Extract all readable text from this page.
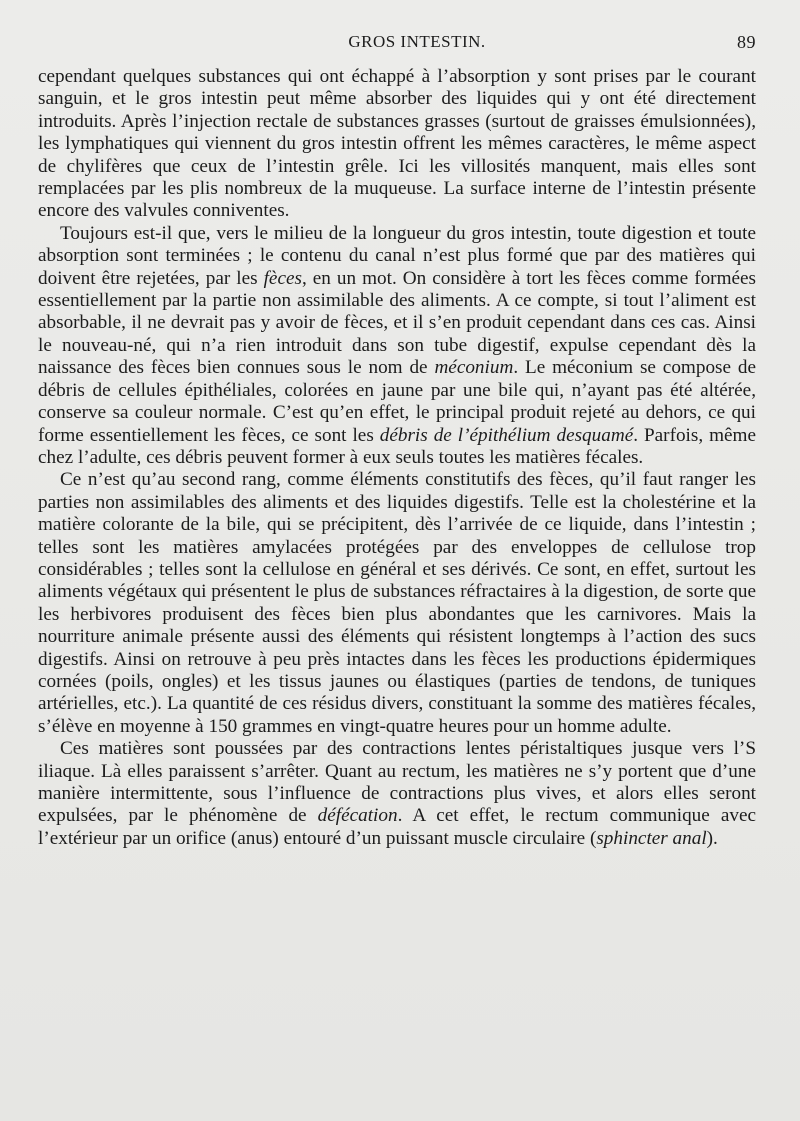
GROS INTESTIN.	89

cependant quelques substances qui ont échappé à l’absorption y sont prises par le courant sanguin, et le gros intestin peut même absorber des liquides qui y ont été directement introduits. Après l’injection rectale de substances grasses (surtout de graisses émulsionnées), les lymphatiques qui viennent du gros intestin offrent les mêmes caractères, le même aspect de chylifères que ceux de l’intestin grêle. Ici les villosités manquent, mais elles sont remplacées par les plis nombreux de la muqueuse. La surface interne de l’intestin présente encore des valvules conniventes.

Toujours est-il que, vers le milieu de la longueur du gros intestin, toute digestion et toute absorption sont terminées ; le contenu du canal n’est plus formé que par des matières qui doivent être rejetées, par les fèces, en un mot. On considère à tort les fèces comme formées essentiellement par la partie non assimilable des aliments. A ce compte, si tout l’aliment est absorbable, il ne devrait pas y avoir de fèces, et il s’en produit cependant dans ces cas. Ainsi le nouveau-né, qui n’a rien introduit dans son tube digestif, expulse cependant dès la naissance des fèces bien connues sous le nom de méconium. Le méconium se compose de débris de cellules épithéliales, colorées en jaune par une bile qui, n’ayant pas été altérée, conserve sa couleur normale. C’est qu’en effet, le principal produit rejeté au dehors, ce qui forme essentiellement les fèces, ce sont les débris de l’épithélium desquamé. Parfois, même chez l’adulte, ces débris peuvent former à eux seuls toutes les matières fécales.

Ce n’est qu’au second rang, comme éléments constitutifs des fèces, qu’il faut ranger les parties non assimilables des aliments et des liquides digestifs. Telle est la cholestérine et la matière colorante de la bile, qui se précipitent, dès l’arrivée de ce liquide, dans l’intestin ; telles sont les matières amylacées protégées par des enveloppes de cellulose trop considérables ; telles sont la cellulose en général et ses dérivés. Ce sont, en effet, surtout les aliments végétaux qui présentent le plus de substances réfractaires à la digestion, de sorte que les herbivores produisent des fèces bien plus abondantes que les carnivores. Mais la nourriture animale présente aussi des éléments qui résistent longtemps à l’action des sucs digestifs. Ainsi on retrouve à peu près intactes dans les fèces les productions épidermiques cornées (poils, ongles) et les tissus jaunes ou élastiques (parties de tendons, de tuniques artérielles, etc.). La quantité de ces résidus divers, constituant la somme des matières fécales, s’élève en moyenne à 150 grammes en vingt-quatre heures pour un homme adulte.

Ces matières sont poussées par des contractions lentes péristaltiques jusque vers l’S iliaque. Là elles paraissent s’arrêter. Quant au rectum, les matières ne s’y portent que d’une manière intermittente, sous l’influence de contractions plus vives, et alors elles seront expulsées, par le phénomène de défécation. A cet effet, le rectum communique avec l’extérieur par un orifice (anus) entouré d’un puissant muscle circulaire (sphincter anal).
